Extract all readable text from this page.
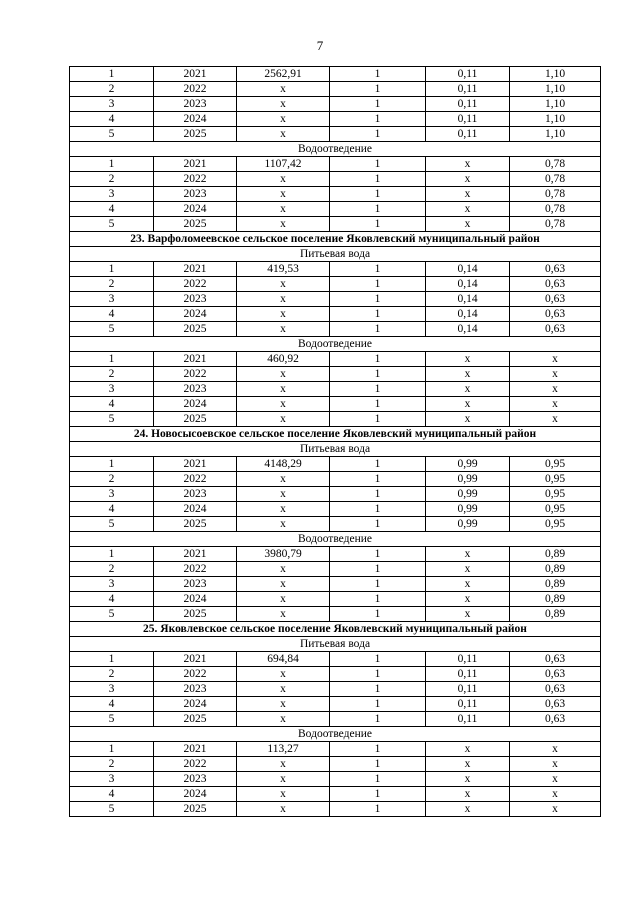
7
1	2021	2562,91	1	0,11	1,10
2	2022	x	1	0,11	1,10
3	2023	x	1	0,11	1,10
4	2024	x	1	0,11	1,10
5	2025	x	1	0,11	1,10
Водоотведение					
1	2021	1107,42	1	x	0,78
2	2022	x	1	x	0,78
3	2023	x	1	x	0,78
4	2024	x	1	x	0,78
5	2025	x	1	x	0,78
23. Варфоломеевское сельское поселение Яковлевский муниципальный район					
Питьевая вода					
1	2021	419,53	1	0,14	0,63
2	2022	x	1	0,14	0,63
3	2023	x	1	0,14	0,63
4	2024	x	1	0,14	0,63
5	2025	x	1	0,14	0,63
Водоотведение					
1	2021	460,92	1	x	x
2	2022	x	1	x	x
3	2023	x	1	x	x
4	2024	x	1	x	x
5	2025	x	1	x	x
24. Новосысоевское сельское поселение Яковлевский муниципальный район					
Питьевая вода					
1	2021	4148,29	1	0,99	0,95
2	2022	x	1	0,99	0,95
3	2023	x	1	0,99	0,95
4	2024	x	1	0,99	0,95
5	2025	x	1	0,99	0,95
Водоотведение					
1	2021	3980,79	1	x	0,89
2	2022	x	1	x	0,89
3	2023	x	1	x	0,89
4	2024	x	1	x	0,89
5	2025	x	1	x	0,89
25. Яковлевское сельское поселение Яковлевский муниципальный район					
Питьевая вода					
1	2021	694,84	1	0,11	0,63
2	2022	x	1	0,11	0,63
3	2023	x	1	0,11	0,63
4	2024	x	1	0,11	0,63
5	2025	x	1	0,11	0,63
Водоотведение					
1	2021	113,27	1	x	x
2	2022	x	1	x	x
3	2023	x	1	x	x
4	2024	x	1	x	x
5	2025	x	1	x	x
